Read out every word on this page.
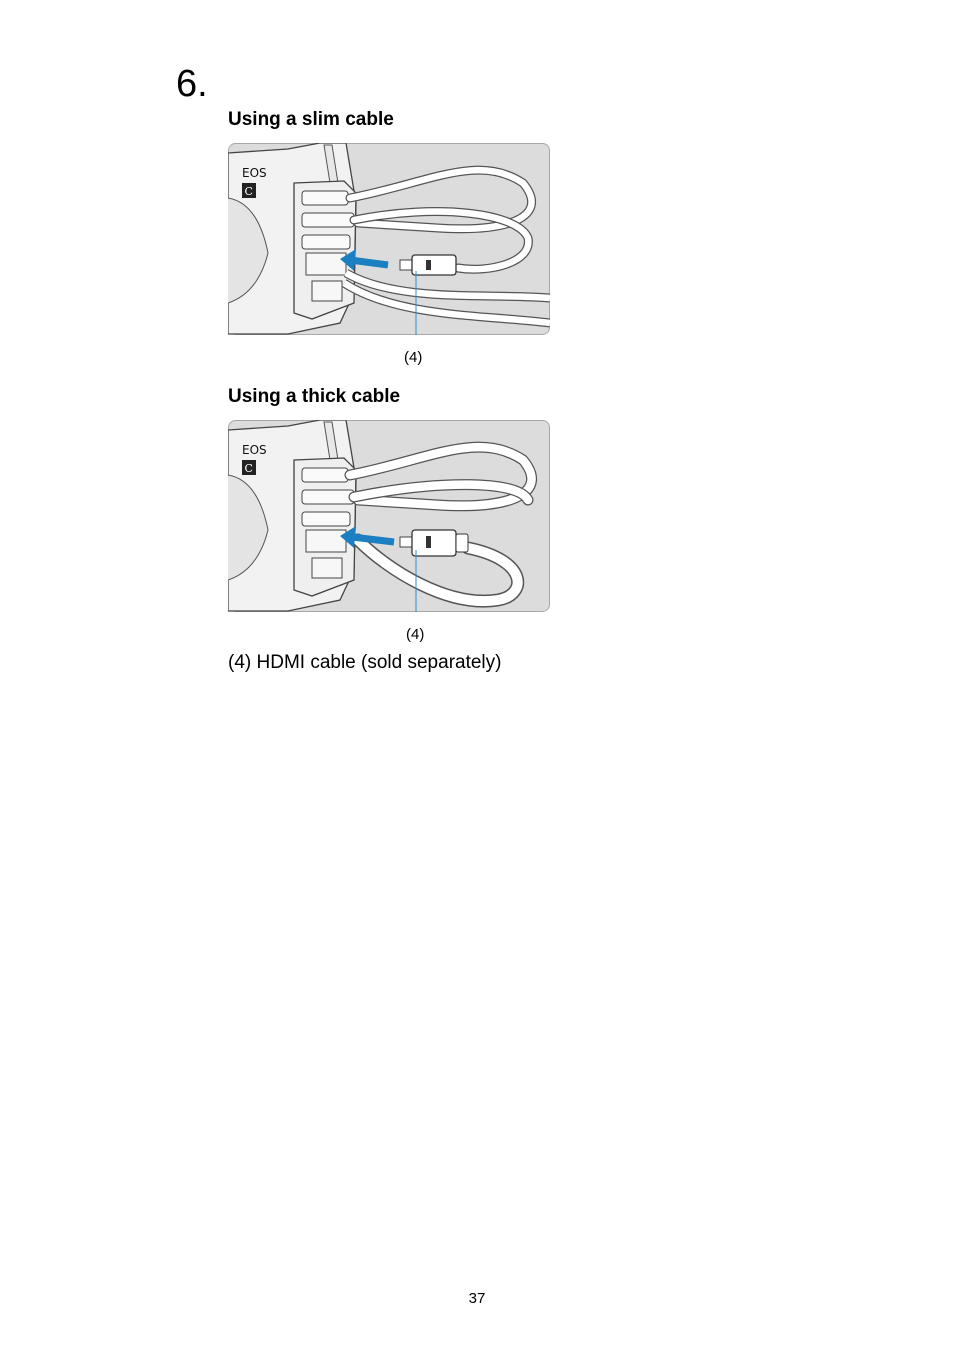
6.
Using a slim cable
EOS
C
(4)
Using a thick cable
EOS
C
(4)
(4) HDMI cable (sold separately)
37
